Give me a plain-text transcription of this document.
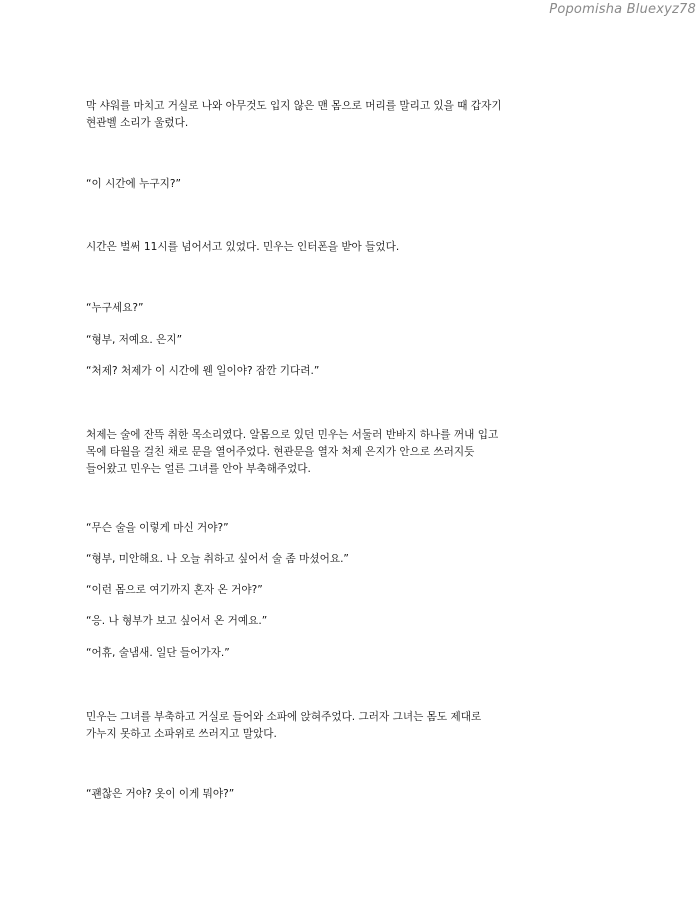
Popomisha Bluexyz78
막 샤워를 마치고 거실로 나와 아무것도 입지 않은 맨 몸으로 머리를 말리고 있을 때 갑자기
현관벨 소리가 울렸다.
“이 시간에 누구지?”
시간은 벌써 11시를 넘어서고 있었다. 민우는 인터폰을 받아 들었다.
“누구세요?”
“형부, 저예요. 은지”
“처제? 처제가 이 시간에 웬 일이야? 잠깐 기다려.”
처제는 술에 잔뜩 취한 목소리였다. 알몸으로 있던 민우는 서둘러 반바지 하나를 꺼내 입고
목에 타월을 걸친 채로 문을 열어주었다. 현관문을 열자 처제 은지가 안으로 쓰러지듯
들어왔고 민우는 얼른 그녀를 안아 부축해주었다.
“무슨 술을 이렇게 마신 거야?”
“형부, 미안해요. 나 오늘 취하고 싶어서 술 좀 마셨어요.”
“이런 몸으로 여기까지 혼자 온 거야?”
“응. 나 형부가 보고 싶어서 온 거예요.”
“어휴, 술냄새. 일단 들어가자.”
민우는 그녀를 부축하고 거실로 들어와 소파에 앉혀주었다. 그러자 그녀는 몸도 제대로
가누지 못하고 소파위로 쓰러지고 말았다.
“괜찮은 거야? 옷이 이게 뭐야?”
